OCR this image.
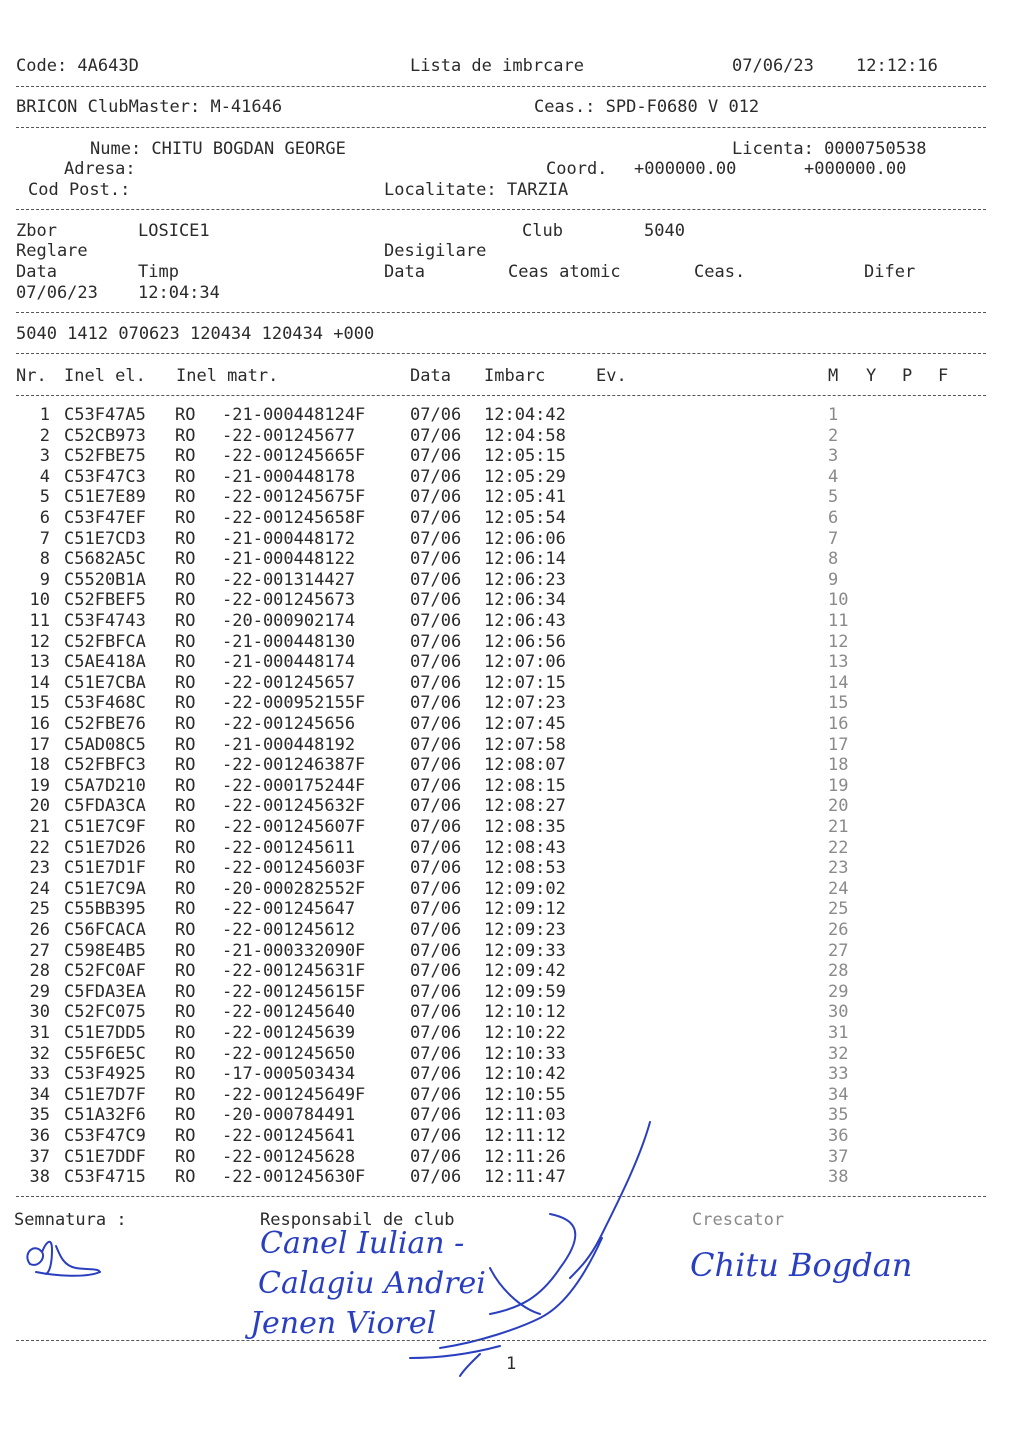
Code: 4A643D	Lista de imbrcare	07/06/23 12:12:16
BRICON ClubMaster: M-41646	Ceas.: SPD-F0680 V 012
Nume: CHITU BOGDAN GEORGE	Licenta: 0000750538
Adresa:	Coord. +000000.00	+000000.00
Cod Post.:	Localitate: TARZIA
Zbor	LOSICE1	Club	5040
Reglare	Desigilare
Data	Timp	Data	Ceas atomic	Ceas.	Difer
07/06/23 12:04:34
5040 1412 070623 120434 120434 +000
Nr. Inel el. Inel matr.	Data Imbarc	Ev.	M Y P F
1 C53F47A5 RO -21-000448124F	07/06 12:04:42	1
2 C52CB973 RO -22-001245677	07/06 12:04:58	2
3 C52FBE75 RO -22-001245665F	07/06 12:05:15	3
4 C53F47C3 RO -21-000448178	07/06 12:05:29	4
5 C51E7E89 RO -22-001245675F	07/06 12:05:41	5
6 C53F47EF RO -22-001245658F	07/06 12:05:54	6
7 C51E7CD3 RO -21-000448172	07/06 12:06:06	7
8 C5682A5C RO -21-000448122	07/06 12:06:14	8
9 C5520B1A RO -22-001314427	07/06 12:06:23	9
10 C52FBEF5 RO -22-001245673	07/06 12:06:34	10
11 C53F4743 RO -20-000902174	07/06 12:06:43	11
12 C52FBFCA RO -21-000448130	07/06 12:06:56	12
13 C5AE418A RO -21-000448174	07/06 12:07:06	13
14 C51E7CBA RO -22-001245657	07/06 12:07:15	14
15 C53F468C RO -22-000952155F	07/06 12:07:23	15
16 C52FBE76 RO -22-001245656	07/06 12:07:45	16
17 C5AD08C5 RO -21-000448192	07/06 12:07:58	17
18 C52FBFC3 RO -22-001246387F	07/06 12:08:07	18
19 C5A7D210 RO -22-000175244F	07/06 12:08:15	19
20 C5FDA3CA RO -22-001245632F	07/06 12:08:27	20
21 C51E7C9F RO -22-001245607F	07/06 12:08:35	21
22 C51E7D26 RO -22-001245611	07/06 12:08:43	22
23 C51E7D1F RO -22-001245603F	07/06 12:08:53	23
24 C51E7C9A RO -20-000282552F	07/06 12:09:02	24
25 C55BB395 RO -22-001245647	07/06 12:09:12	25
26 C56FCACA RO -22-001245612	07/06 12:09:23	26
27 C598E4B5 RO -21-000332090F	07/06 12:09:33	27
28 C52FC0AF RO -22-001245631F	07/06 12:09:42	28
29 C5FDA3EA RO -22-001245615F	07/06 12:09:59	29
30 C52FC075 RO -22-001245640	07/06 12:10:12	30
31 C51E7DD5 RO -22-001245639	07/06 12:10:22	31
32 C55F6E5C RO -22-001245650	07/06 12:10:33	32
33 C53F4925 RO -17-000503434	07/06 12:10:42	33
34 C51E7D7F RO -22-001245649F	07/06 12:10:55	34
35 C51A32F6 RO -20-000784491	07/06 12:11:03	35
36 C53F47C9 RO -22-001245641	07/06 12:11:12	36
37 C51E7DDF RO -22-001245628	07/06 12:11:26	37
38 C53F4715 RO -22-001245630F	07/06 12:11:47	38
Semnatura :	Responsabil de club	Crescator
Canel Iulian -
Calagiu Andrei
Jenen Viorel
Chitu Bogdan
1
